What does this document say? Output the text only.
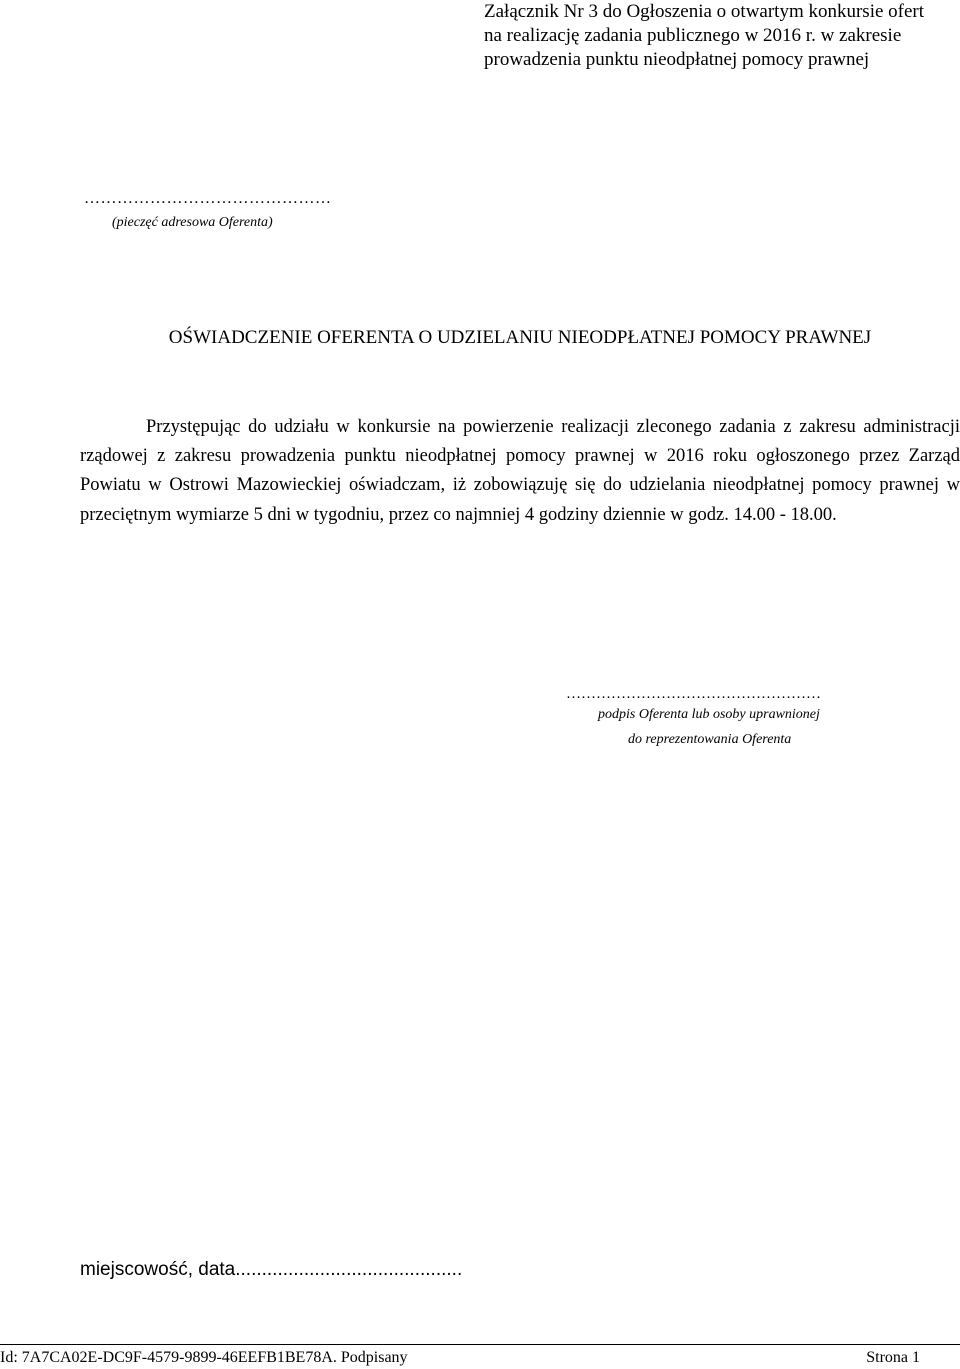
Załącznik Nr 3 do Ogłoszenia o otwartym konkursie ofert na realizację zadania publicznego w 2016 r. w zakresie prowadzenia punktu nieodpłatnej pomocy prawnej

………………………………………

(pieczęć adresowa Oferenta)

OŚWIADCZENIE OFERENTA O UDZIELANIU NIEODPŁATNEJ POMOCY PRAWNEJ

Przystępując do udziału w konkursie na powierzenie realizacji zleconego zadania z zakresu administracji rządowej z zakresu prowadzenia punktu nieodpłatnej pomocy prawnej w 2016 roku ogłoszonego przez Zarząd Powiatu w Ostrowi Mazowieckiej oświadczam, iż zobowiązuję się do udzielania nieodpłatnej pomocy prawnej w przeciętnym wymiarze 5 dni w tygodniu, przez co najmniej 4 godziny dziennie w godz. 14.00 - 18.00.

……………………………………………

podpis Oferenta lub osoby uprawnionej

do reprezentowania Oferenta

miejscowość, data...........................................

Id: 7A7CA02E-DC9F-4579-9899-46EEFB1BE78A. Podpisany	Strona 1
